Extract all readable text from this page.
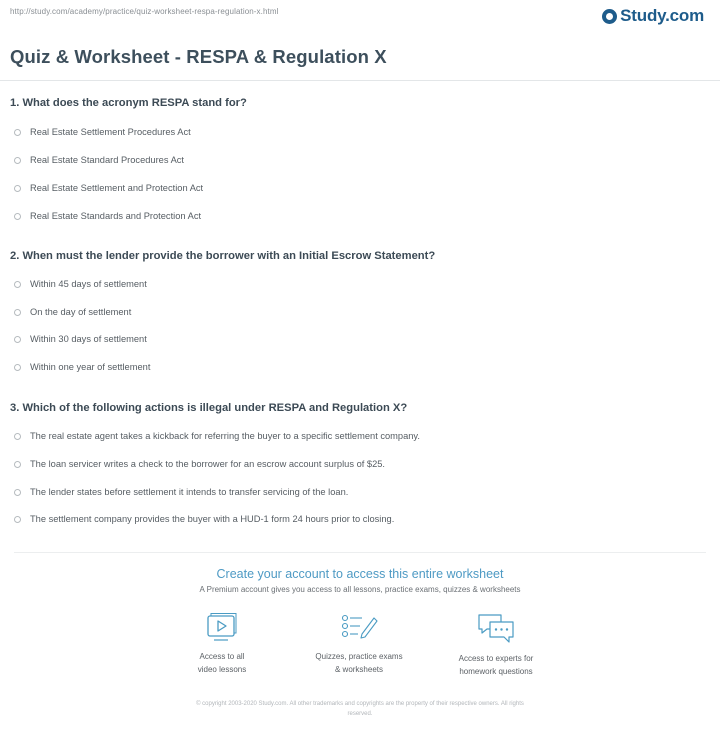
http://study.com/academy/practice/quiz-worksheet-respa-regulation-x.html	Study.com
Quiz & Worksheet - RESPA & Regulation X
1. What does the acronym RESPA stand for?
Real Estate Settlement Procedures Act
Real Estate Standard Procedures Act
Real Estate Settlement and Protection Act
Real Estate Standards and Protection Act
2. When must the lender provide the borrower with an Initial Escrow Statement?
Within 45 days of settlement
On the day of settlement
Within 30 days of settlement
Within one year of settlement
3. Which of the following actions is illegal under RESPA and Regulation X?
The real estate agent takes a kickback for referring the buyer to a specific settlement company.
The loan servicer writes a check to the borrower for an escrow account surplus of $25.
The lender states before settlement it intends to transfer servicing of the loan.
The settlement company provides the buyer with a HUD-1 form 24 hours prior to closing.
Create your account to access this entire worksheet
A Premium account gives you access to all lessons, practice exams, quizzes & worksheets
Access to all
video lessons
Quizzes, practice exams
& worksheets
Access to experts for
homework questions
© copyright 2003-2020 Study.com. All other trademarks and copyrights are the property of their respective owners. All rights
reserved.
